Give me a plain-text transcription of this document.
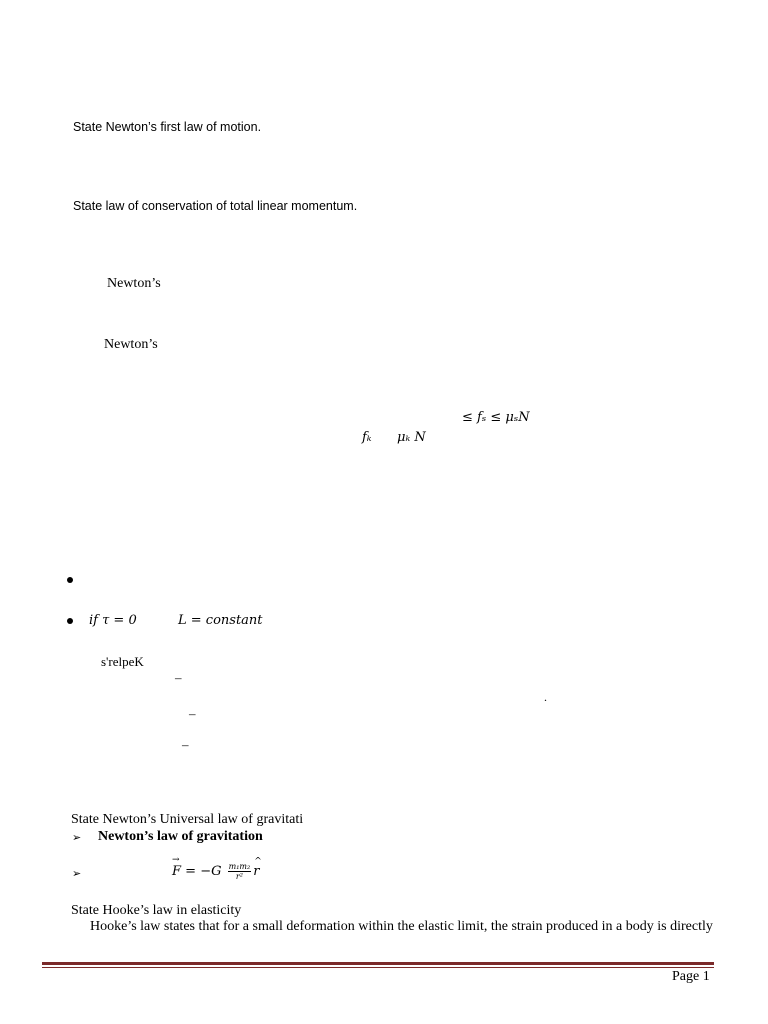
State Newton’s first law of motion.
State law of conservation of total linear momentum.
Newton’s
Newton’s
≤ fₛ ≤ μₛN
fₖ μₖ N
if τ = 0	L = constant
s'relpeK
–
–
–
.
State Newton’s Universal law of gravitati
➢ Newton’s law of gravitation
➢	→ $F = -G \frac{\text{m₁m₂}}{\text{r²}}$ ^ r
State Hooke’s law in elasticity
Hooke’s law states that for a small deformation within the elastic limit, the strain produced in a body is directly
Page 1
